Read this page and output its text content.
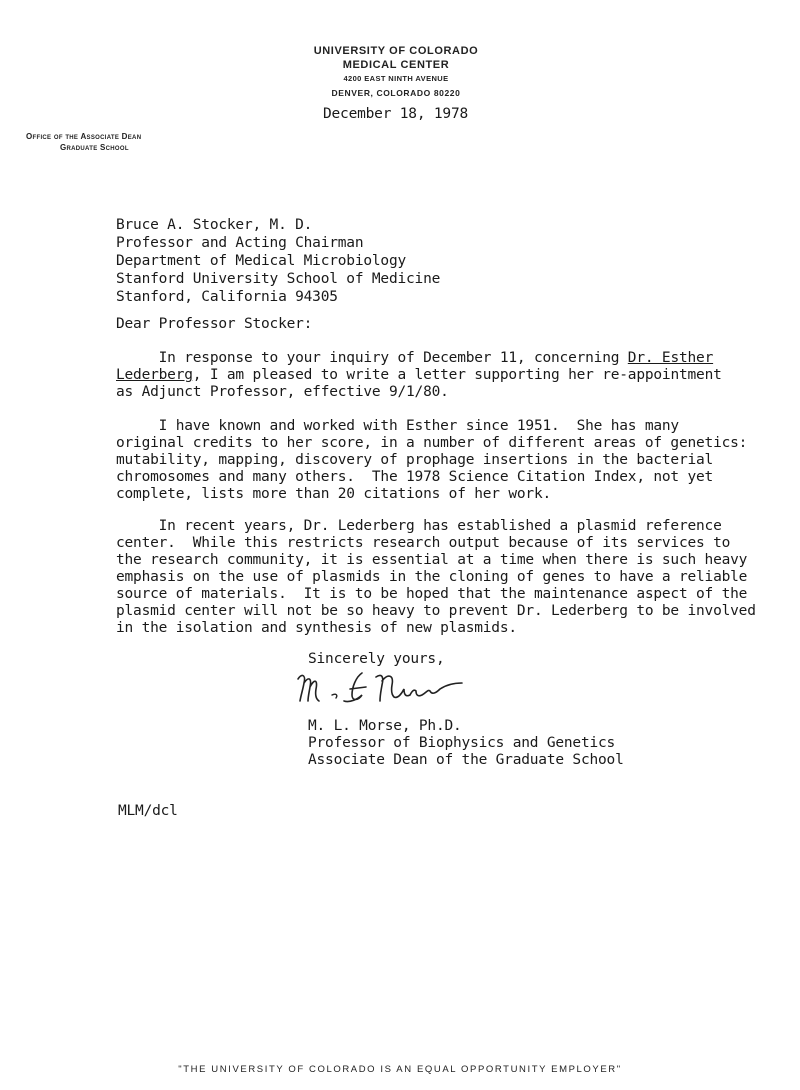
UNIVERSITY OF COLORADO
MEDICAL CENTER
4200 EAST NINTH AVENUE
DENVER, COLORADO 80220
December 18, 1978
Office of the Associate Dean
Graduate School
Bruce A. Stocker, M. D.
Professor and Acting Chairman
Department of Medical Microbiology
Stanford University School of Medicine
Stanford, California 94305
Dear Professor Stocker:
In response to your inquiry of December 11, concerning Dr. Esther
Lederberg, I am pleased to write a letter supporting her re-appointment
as Adjunct Professor, effective 9/1/80.
I have known and worked with Esther since 1951.  She has many
original credits to her score, in a number of different areas of genetics:
mutability, mapping, discovery of prophage insertions in the bacterial
chromosomes and many others.  The 1978 Science Citation Index, not yet
complete, lists more than 20 citations of her work.
In recent years, Dr. Lederberg has established a plasmid reference
center.  While this restricts research output because of its services to
the research community, it is essential at a time when there is such heavy
emphasis on the use of plasmids in the cloning of genes to have a reliable
source of materials.  It is to be hoped that the maintenance aspect of the
plasmid center will not be so heavy to prevent Dr. Lederberg to be involved
in the isolation and synthesis of new plasmids.
Sincerely yours,
M. L. Morse, Ph.D.
Professor of Biophysics and Genetics
Associate Dean of the Graduate School
MLM/dcl
"THE UNIVERSITY OF COLORADO IS AN EQUAL OPPORTUNITY EMPLOYER"
